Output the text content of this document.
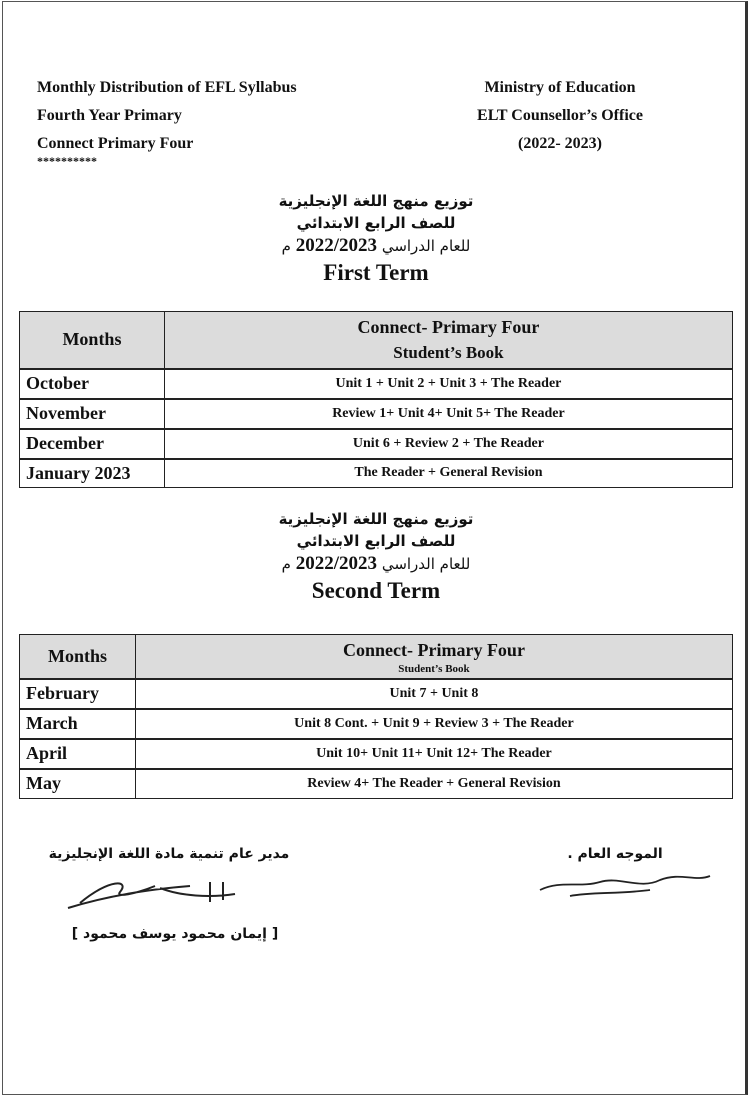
Monthly Distribution of EFL Syllabus
Fourth Year Primary
Connect Primary Four
**********
Ministry of Education
ELT Counsellor’s Office
(2022- 2023)
توزيع منهج اللغة الإنجليزية
للصف الرابع الابتدائي
للعام الدراسي 2022/2023 م
First Term
Months	Connect- Primary Four
Student’s Book

October	Unit 1 + Unit 2 + Unit 3 + The Reader
November	Review 1+ Unit 4+ Unit 5+ The Reader
December	Unit 6 + Review 2 + The Reader
January 2023	The Reader + General Revision
توزيع منهج اللغة الإنجليزية
للصف الرابع الابتدائي
للعام الدراسي 2022/2023 م
Second Term
Months	Connect- Primary Four
Student’s Book

February	Unit 7 + Unit 8
March	Unit 8 Cont. + Unit 9 + Review 3 + The Reader
April	Unit 10+ Unit 11+ Unit 12+ The Reader
May	Review 4+ The Reader + General Revision
مدير عام تنمية مادة اللغة الإنجليزية
[ إيمان محمود يوسف محمود ]
الموجه العام .
